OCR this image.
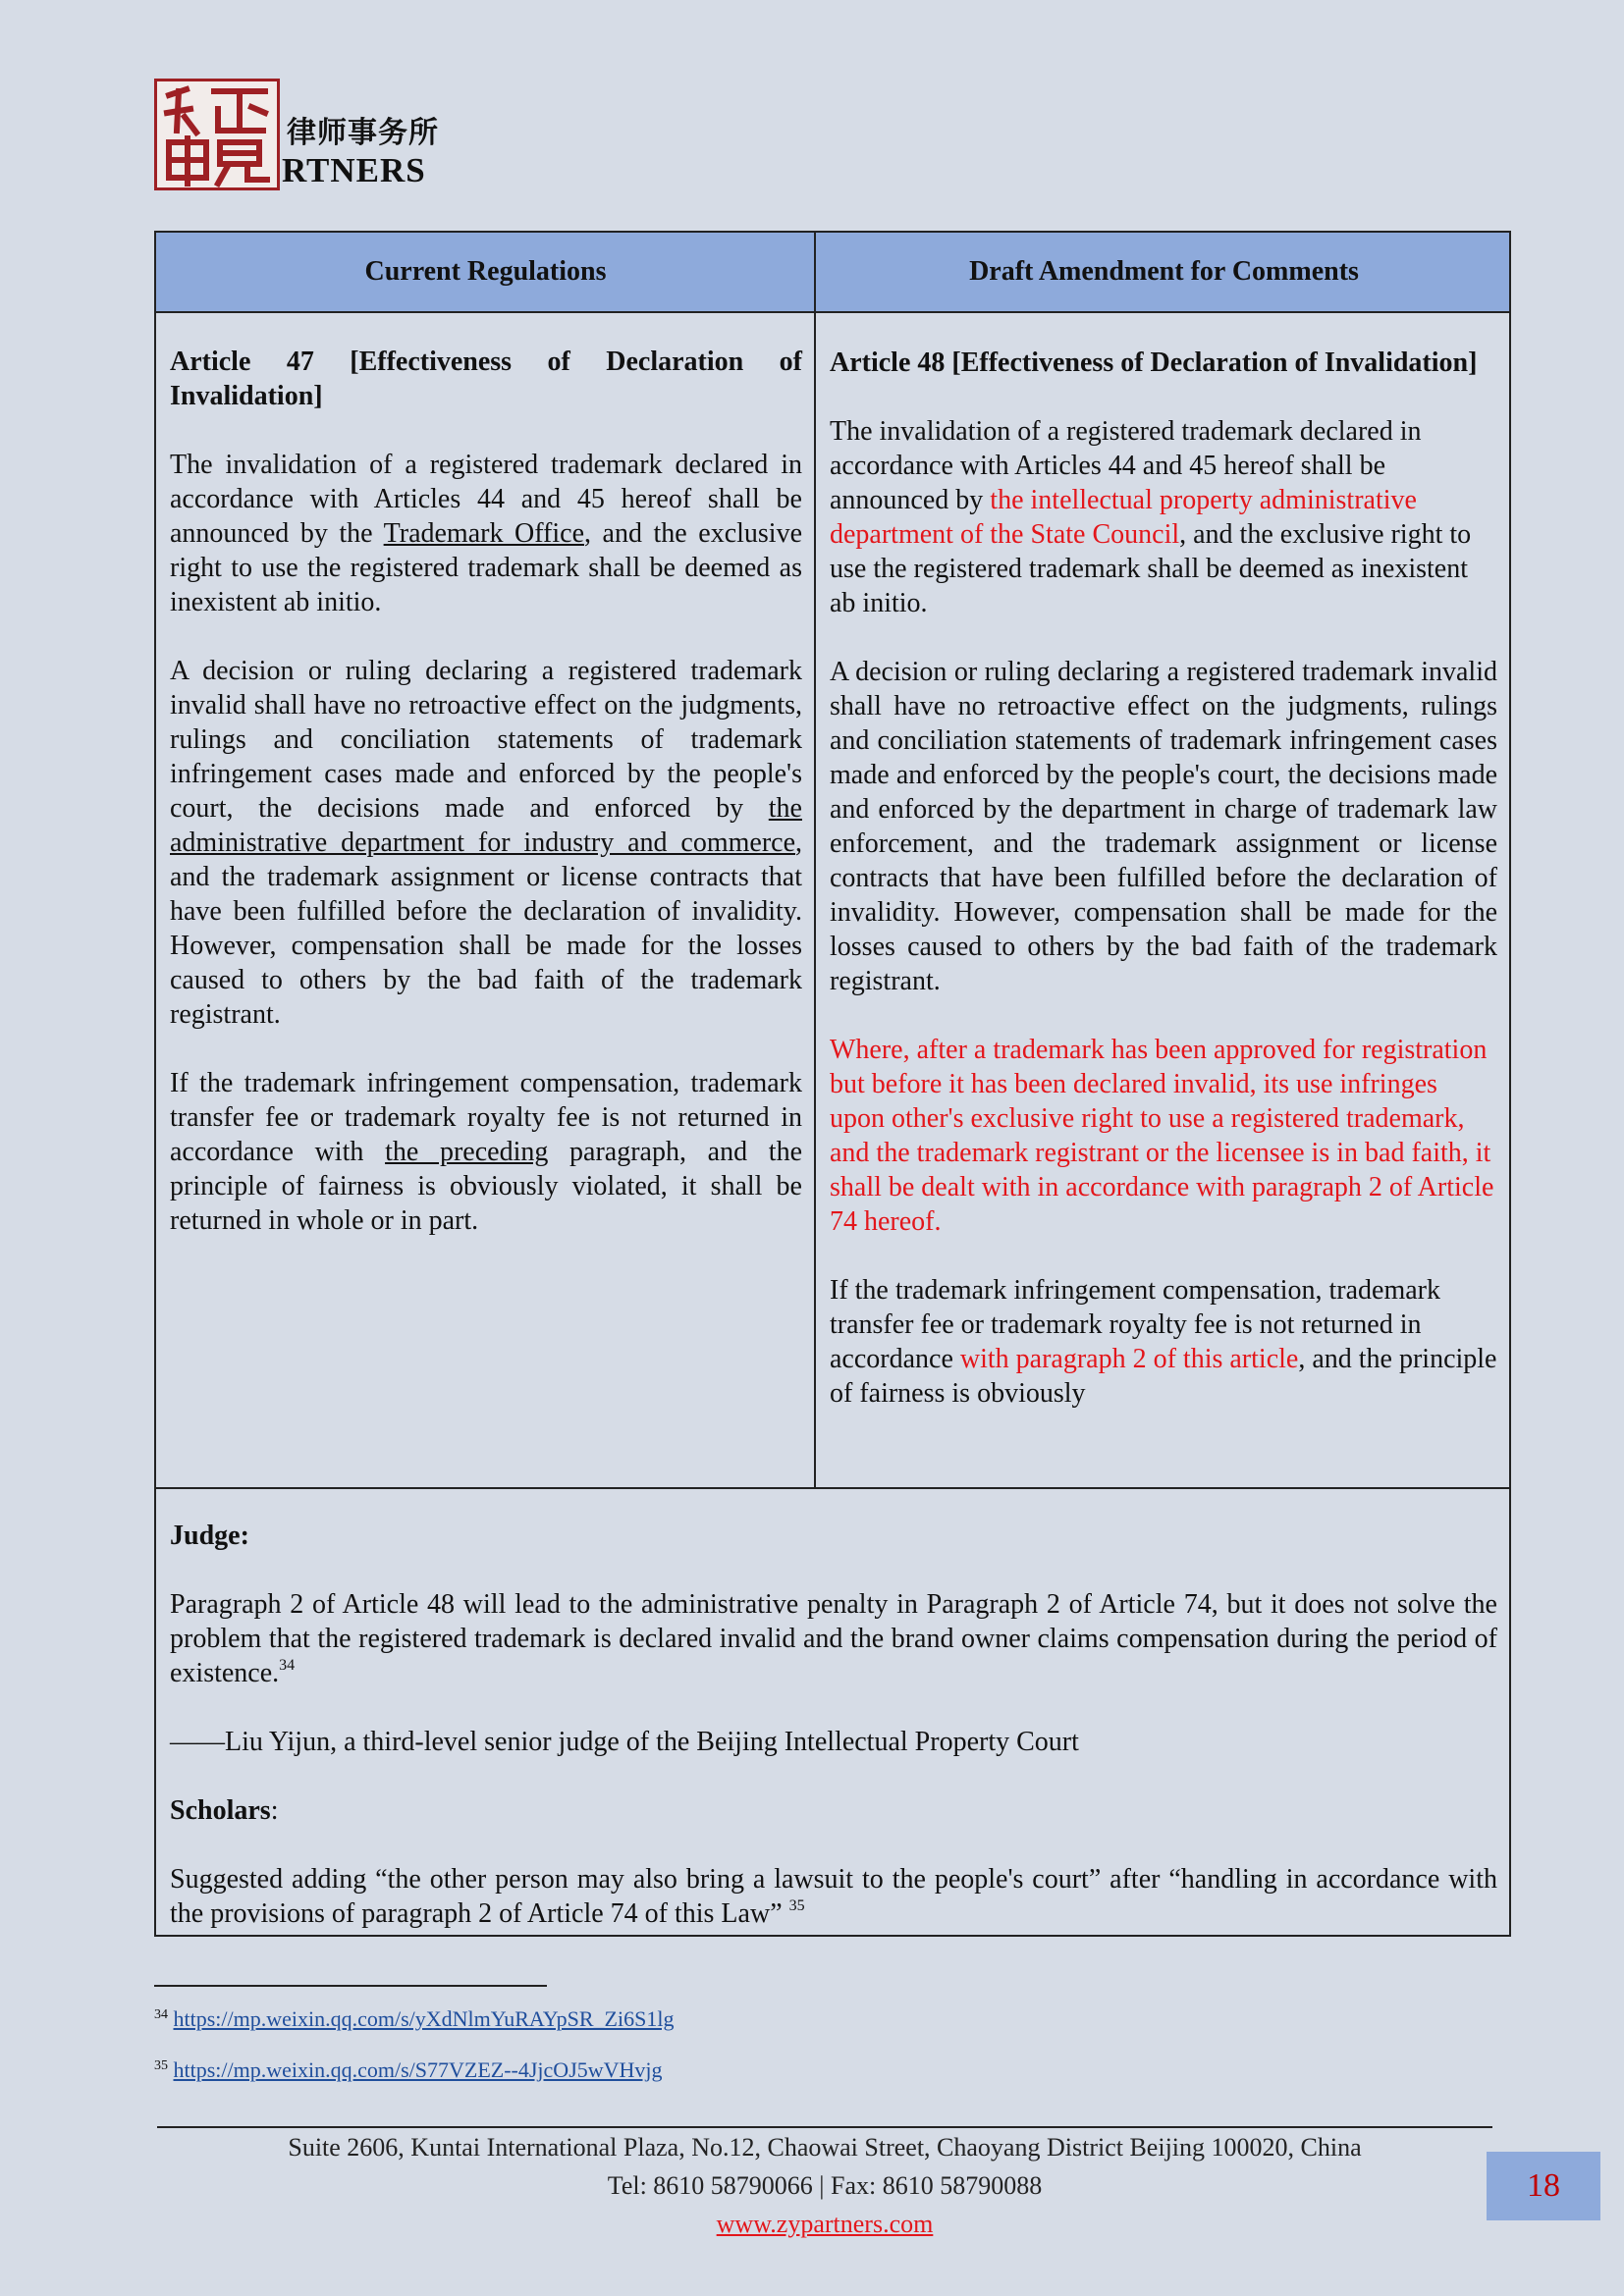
律师事务所
RTNERS
Current Regulations	Draft Amendment for Comments

Article 47 [Effectiveness of Declaration of Invalidation]

The invalidation of a registered trademark declared in accordance with Articles 44 and 45 hereof shall be announced by the Trademark Office, and the exclusive right to use the registered trademark shall be deemed as inexistent ab initio.

A decision or ruling declaring a registered trademark invalid shall have no retroactive effect on the judgments, rulings and conciliation statements of trademark infringement cases made and enforced by the people's court, the decisions made and enforced by the administrative department for industry and commerce, and the trademark assignment or license contracts that have been fulfilled before the declaration of invalidity. However, compensation shall be made for the losses caused to others by the bad faith of the trademark registrant.

If the trademark infringement compensation, trademark transfer fee or trademark royalty fee is not returned in accordance with the preceding paragraph, and the principle of fairness is obviously violated, it shall be returned in whole or in part.

Article 48 [Effectiveness of Declaration of Invalidation]

The invalidation of a registered trademark declared in accordance with Articles 44 and 45 hereof shall be announced by the intellectual property administrative department of the State Council, and the exclusive right to use the registered trademark shall be deemed as inexistent ab initio.

A decision or ruling declaring a registered trademark invalid shall have no retroactive effect on the judgments, rulings and conciliation statements of trademark infringement cases made and enforced by the people's court, the decisions made and enforced by the department in charge of trademark law enforcement, and the trademark assignment or license contracts that have been fulfilled before the declaration of invalidity. However, compensation shall be made for the losses caused to others by the bad faith of the trademark registrant.

Where, after a trademark has been approved for registration but before it has been declared invalid, its use infringes upon other's exclusive right to use a registered trademark, and the trademark registrant or the licensee is in bad faith, it shall be dealt with in accordance with paragraph 2 of Article 74 hereof.

If the trademark infringement compensation, trademark transfer fee or trademark royalty fee is not returned in accordance with paragraph 2 of this article, and the principle of fairness is obviously

Judge:

Paragraph 2 of Article 48 will lead to the administrative penalty in Paragraph 2 of Article 74, but it does not solve the problem that the registered trademark is declared invalid and the brand owner claims compensation during the period of existence.$^{34}$

——Liu Yijun, a third-level senior judge of the Beijing Intellectual Property Court

Scholars:

Suggested adding “the other person may also bring a lawsuit to the people's court” after “handling in accordance with the provisions of paragraph 2 of Article 74 of this Law” $^{35}$

$^{34}$ https://mp.weixin.qq.com/s/yXdNlmYuRAYpSR_Zi6S1lg
$^{35}$ https://mp.weixin.qq.com/s/S77VZEZ--4JjcOJ5wVHvjg
Suite 2606, Kuntai International Plaza, No.12, Chaowai Street, Chaoyang District Beijing 100020, China
Tel: 8610 58790066 | Fax: 8610 58790088
www.zypartners.com
18
